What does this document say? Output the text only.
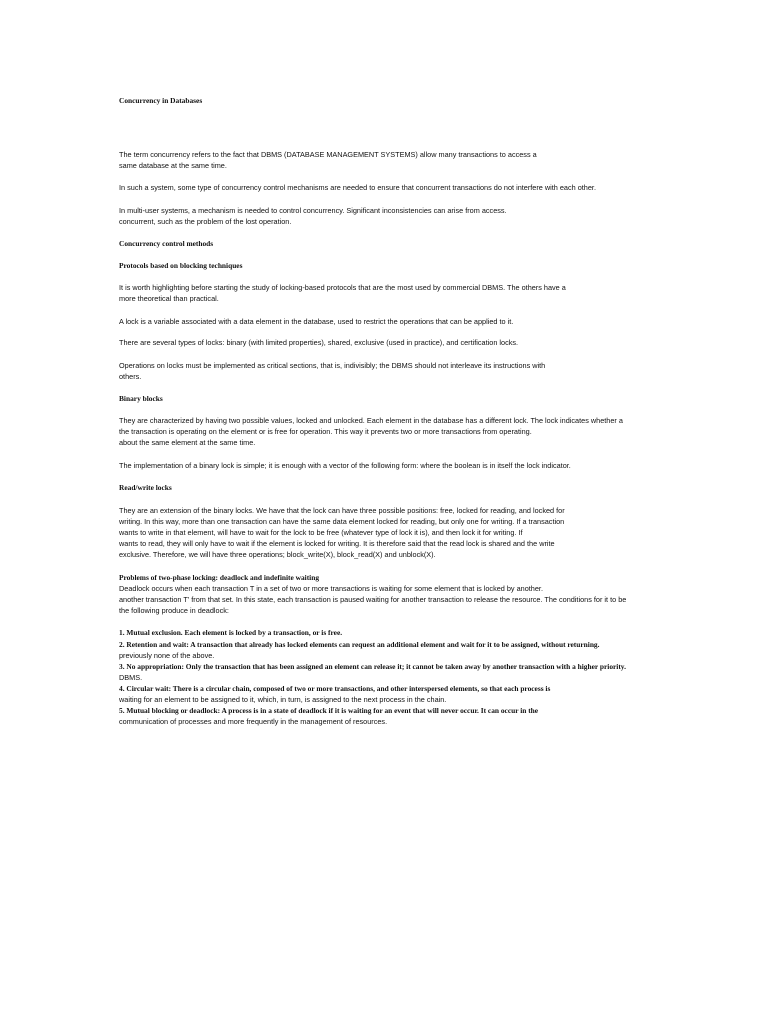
Concurrency in Databases

The term concurrency refers to the fact that DBMS (DATABASE MANAGEMENT SYSTEMS) allow many transactions to access a

same database at the same time.

In such a system, some type of concurrency control mechanisms are needed to ensure that concurrent transactions do not interfere with each other.

In multi-user systems, a mechanism is needed to control concurrency. Significant inconsistencies can arise from access.

concurrent, such as the problem of the lost operation.

Concurrency control methods

Protocols based on blocking techniques

It is worth highlighting before starting the study of locking-based protocols that are the most used by commercial DBMS. The others have a

more theoretical than practical.

A lock is a variable associated with a data element in the database, used to restrict the operations that can be applied to it.

There are several types of locks: binary (with limited properties), shared, exclusive (used in practice), and certification locks.

Operations on locks must be implemented as critical sections, that is, indivisibly; the DBMS should not interleave its instructions with

others.

Binary blocks

They are characterized by having two possible values, locked and unlocked. Each element in the database has a different lock. The lock indicates whether a

the transaction is operating on the element or is free for operation. This way it prevents two or more transactions from operating.

about the same element at the same time.

The implementation of a binary lock is simple; it is enough with a vector of the following form: where the boolean is in itself the lock indicator.

Read/write locks

They are an extension of the binary locks. We have that the lock can have three possible positions: free, locked for reading, and locked for

writing. In this way, more than one transaction can have the same data element locked for reading, but only one for writing. If a transaction

wants to write in that element, will have to wait for the lock to be free (whatever type of lock it is), and then lock it for writing. If

wants to read, they will only have to wait if the element is locked for writing. It is therefore said that the read lock is shared and the write

exclusive. Therefore, we will have three operations; block_write(X), block_read(X) and unblock(X).

Problems of two-phase locking: deadlock and indefinite waiting

Deadlock occurs when each transaction T in a set of two or more transactions is waiting for some element that is locked by another.

another transaction T' from that set. In this state, each transaction is paused waiting for another transaction to release the resource. The conditions for it to be

the following produce in deadlock:

1. Mutual exclusion. Each element is locked by a transaction, or is free.

2. Retention and wait: A transaction that already has locked elements can request an additional element and wait for it to be assigned, without returning.

previously none of the above.

3. No appropriation: Only the transaction that has been assigned an element can release it; it cannot be taken away by another transaction with a higher priority.

DBMS.

4. Circular wait: There is a circular chain, composed of two or more transactions, and other interspersed elements, so that each process is

waiting for an element to be assigned to it, which, in turn, is assigned to the next process in the chain.

5. Mutual blocking or deadlock: A process is in a state of deadlock if it is waiting for an event that will never occur. It can occur in the

communication of processes and more frequently in the management of resources.
